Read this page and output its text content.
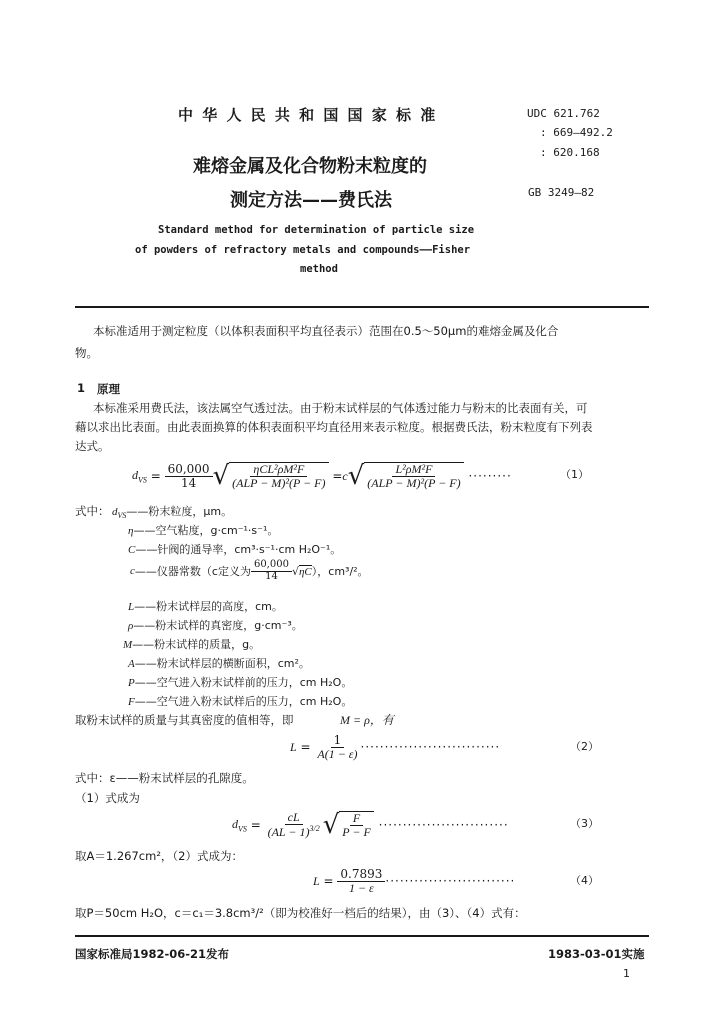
中 华 人 民 共 和 国 国 家 标 准	UDC 621.762
: 669—492.2
: 620.168
难熔金属及化合物粉末粒度的
测定方法——费氏法	GB 3249—82
Standard method for determination of particle size
of powders of refractory metals and compounds——Fisher
method
本标准适用于测定粒度（以体积表面积平均直径表示）范围在0.5～50μm的难熔金属及化合
物。
1 原理
本标准采用费氏法，该法属空气透过法。由于粉末试样层的气体透过能力与粉末的比表面有关，可
藉以求出比表面。由此表面换算的体积表面积平均直径用来表示粒度。根据费氏法，粉末粒度有下列表
达式。
$d_{VS} = \frac{60,000}{14}$ √ $\frac{\text{ηCL²ρM²F}}{\text{(ALP − M)²(P − F)}} = c$ √ $\frac{\text{L²ρM²F}}{\text{(ALP − M)²(P − F)}}$ ·········	（1）
式中： $d_{VS}——$粉末粒度，μm。
η——空气粘度，g·cm⁻¹·s⁻¹。
C——针阀的通导率，cm³·s⁻¹·cm H₂O⁻¹。
c ——仪器常数（c定义为 $\frac{60,000}{14}$ √ ηC ），cm³/²。
L——粉末试样层的高度，cm。
ρ——粉末试样的真密度，g·cm⁻³。
M——粉末试样的质量，g。
A——粉末试样层的横断面积，cm²。
P——空气进入粉末试样前的压力，cm H₂O。
F——空气进入粉末试样后的压力，cm H₂O。
取粉末试样的质量与其真密度的值相等，即	M = ρ，有
$L = \frac{1}{A(1 - \varepsilon)}$ ·····························	（2）
式中：ε——粉末试样层的孔隙度。
（1）式成为
$d_{VS} = \frac{cL}{(AL - 1)^{3/2}}$ √ $\frac{F}{P - F}$ ···························	（3）
取A＝1.267cm²，（2）式成为：
$L = \frac{0.7893}{1 - \varepsilon}$ ···························	（4）
取P＝50cm H₂O，c＝c₁＝3.8cm³/²（即为校准好一档后的结果），由（3）、（4）式有：
国家标准局1982-06-21发布	1983-03-01实施
1
